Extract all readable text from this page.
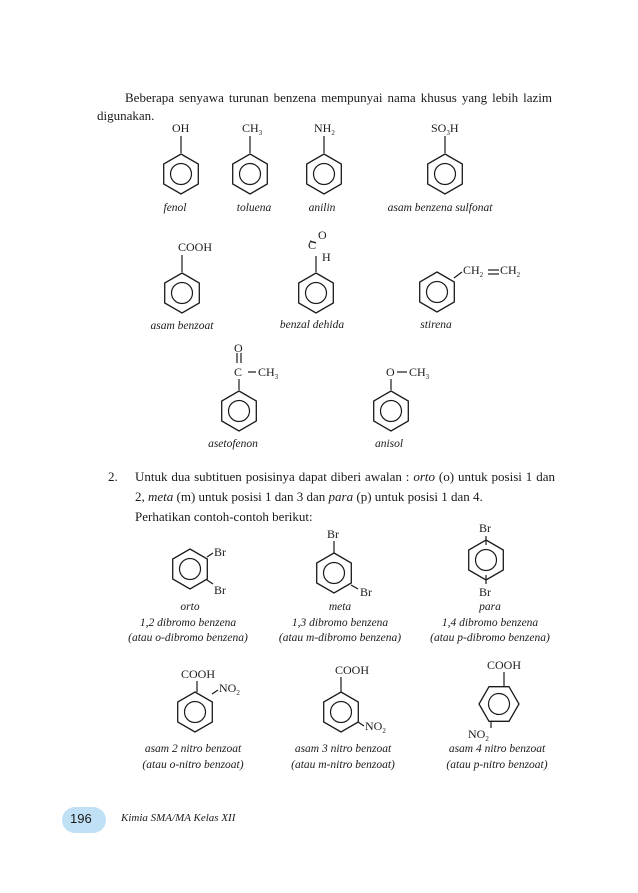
Beberapa senyawa turunan benzena mempunyai nama khusus yang lebih lazim digunakan.

2. Untuk dua subtituen posisinya dapat diberi awalan : orto (o) untuk posisi 1 dan 2, meta (m) untuk posisi 1 dan 3 dan para (p) untuk posisi 1 dan 4.
Perhatikan contoh-contoh berikut:
OH	$CH_3$	$NH_2$	$SO_3H$
COOH
O
C
H
$CH_2$ $CH_2$
O
C $CH_3$	O $CH_3$
Br
Br
Br
Br
Br
Br
COOH
$NO_2$
COOH
$NO_2$
COOH
$NO_2$
fenol	toluena	anilin	asam benzena sulfonat
asam benzoat	benzal dehida	stirena
asetofenon	anisol
orto
1,2 dibromo benzena
(atau o-dibromo benzena)
meta
1,3 dibromo benzena
(atau m-dibromo benzena)
para
1,4 dibromo benzena
(atau p-dibromo benzena)
asam 2 nitro benzoat
(atau o-nitro benzoat)
asam 3 nitro benzoat
(atau m-nitro benzoat)
asam 4 nitro benzoat
(atau p-nitro benzoat)
196	Kimia SMA/MA Kelas XII
